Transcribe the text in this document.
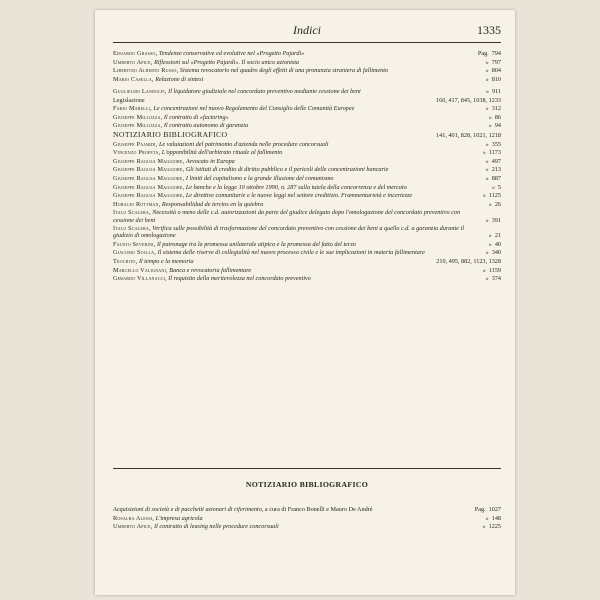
Indici	1335
Edoardo Grasso, Tendenze conservative ed evolutive nel «Progetto Pajardi»	Pag. 794
Umberto Apice, Riflessioni sul «Progetto Pajardi». Il socio unico azionista	» 797
Libertino Alberto Russo, Sistema revocatorio nel quadro degli effetti di una pronunzia straniera di fallimento	» 804
Mario Casella, Relazione di sintesi	» 810
Guglielmo Landolfi, Il liquidatore giudiziale nel concordato preventivo mediante cessione dei beni	» 911
Legislazione	160, 417, 845, 1038, 1233
Fabio Marelli, Le concentrazioni nel nuovo Regolamento del Consiglio delle Comunità Europee	» 312
Giuseppe Millozza, Il contratto di «factoring»	» 86
Giuseppe Millozza, Il contratto autonomo di garanzia	» 94
NOTIZIARIO BIBLIOGRAFICO	141, 401, 828, 1021, 1218
Giuseppe Pajardi, Le valutazioni del patrimonio d'azienda nelle procedure concorsuali	» 355
Vincenzo Profeta, L'opponibilità dell'arbitrato rituale al fallimento	» 1173
Giuseppe Ragusa Maggiore, Avvocato in Europa	» 497
Giuseppe Ragusa Maggiore, Gli istituti di credito di diritto pubblico e il pericoli delle concentrazioni bancarie	» 213
Giuseppe Ragusa Maggiore, I limiti del capitalismo e la grande illusione del comunismo	» 887
Giuseppe Ragusa Maggiore, Le banche e la legge 10 ottobre 1990, n. 287 sulla tutela della concorrenza e del mercato	» 5
Giuseppe Ragusa Maggiore, Le direttive comunitarie e le nuove leggi nel settore creditizio. Frammentarietà e incertezze	» 1125
Horacio Rottman, Responsabilidad de tercios en la quiebra	» 26
Italo Scalera, Necessità o meno delle c.d. autorizzazioni da parte del giudice delegato dopo l'omologazione del concordato preventivo con cessione dei beni	» 391
Italo Scalera, Verifica sulle possibilità di trasformazione del concordato preventivo con cessione dei beni a quello c.d. a garanzia durante il giudizio di omologazione	» 21
Fausto Severini, Il patronage tra la promessa unilaterale atipica e la promessa del fatto del terzo	» 40
Giacomo Stalla, Il sistema delle riserve di collegialità nel nuovo processo civile e le sue implicazioni in materia fallimentare	» 340
Teocrito, Il tempo e la memoria	210, 495, 882, 1123, 1328
Marcello Valignani, Banca e revocatoria fallimentare	» 1159
Gerardo Villanacci, Il requisito della meritevolezza nel concordato preventivo	» 374
NOTIZIARIO BIBLIOGRAFICO
Acquisizioni di società e di pacchetti azionari di riferimento, a cura di Franco Bonelli e Mauro De André	Pag. 1027
Rosalba Alessi, L'impresa agricola	» 148
Umberto Apice, Il contratto di leasing nelle procedure concorsuali	» 1225
